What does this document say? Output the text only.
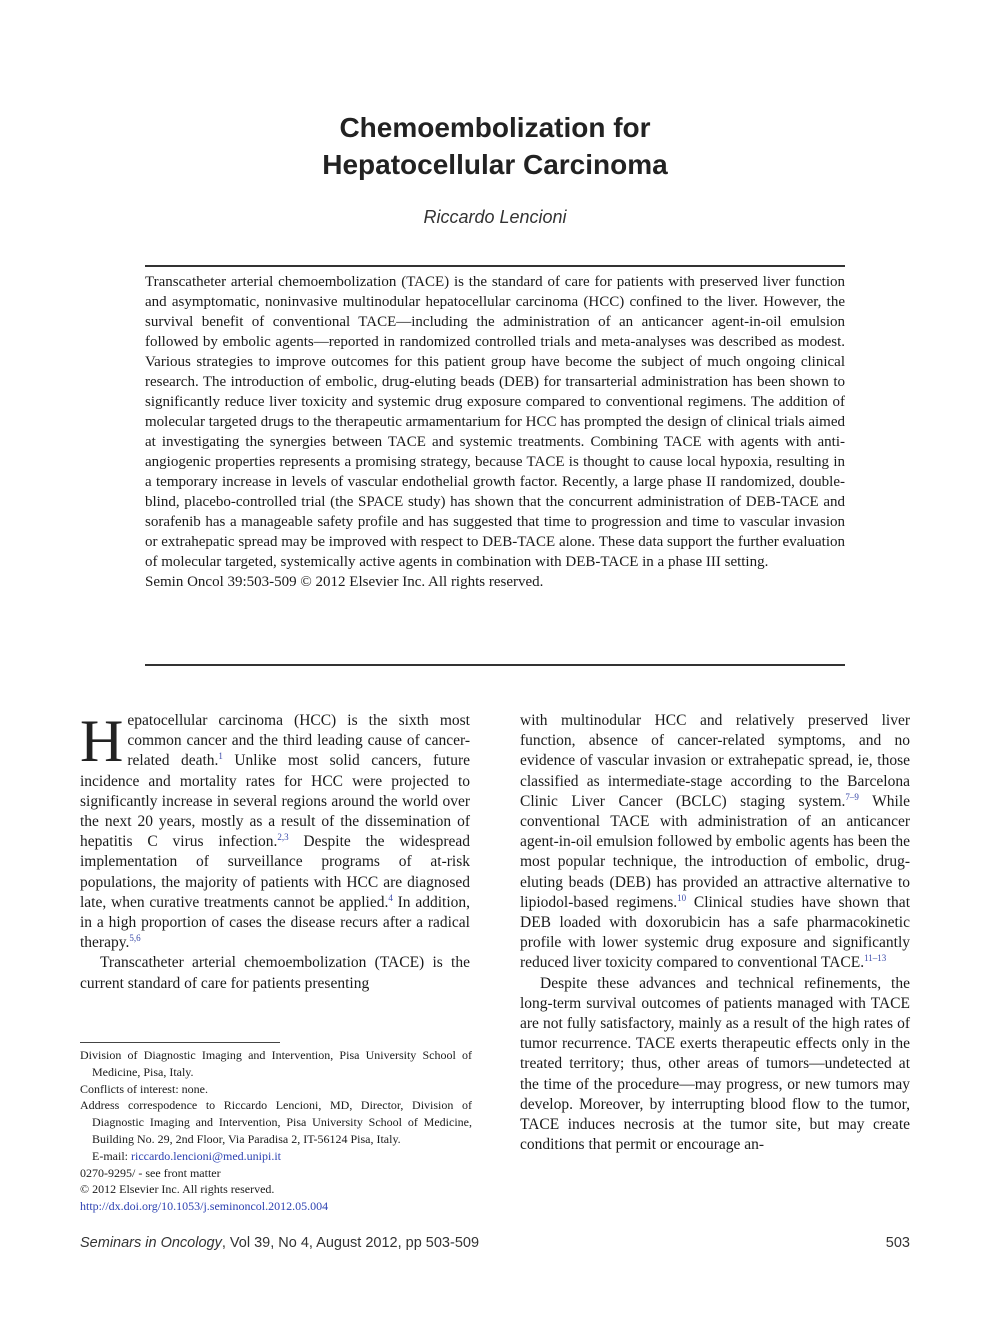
Chemoembolization for
Hepatocellular Carcinoma
Riccardo Lencioni

Transcatheter arterial chemoembolization (TACE) is the standard of care for patients with preserved liver function and asymptomatic, noninvasive multinodular hepatocellular carcinoma (HCC) confined to the liver. However, the survival benefit of conventional TACE—including the administration of an anticancer agent-in-oil emulsion followed by embolic agents—reported in randomized controlled trials and meta-analyses was described as modest. Various strategies to improve outcomes for this patient group have become the subject of much ongoing clinical research. The introduction of embolic, drug-eluting beads (DEB) for transarterial administration has been shown to significantly reduce liver toxicity and systemic drug exposure compared to conventional regimens. The addition of molecular targeted drugs to the therapeutic armamentarium for HCC has prompted the design of clinical trials aimed at investigating the synergies between TACE and systemic treatments. Combining TACE with agents with anti-angiogenic properties represents a promising strategy, because TACE is thought to cause local hypoxia, resulting in a temporary increase in levels of vascular endothelial growth factor. Recently, a large phase II randomized, double-blind, placebo-controlled trial (the SPACE study) has shown that the concurrent administration of DEB-TACE and sorafenib has a manageable safety profile and has suggested that time to progression and time to vascular invasion or extrahepatic spread may be improved with respect to DEB-TACE alone. These data support the further evaluation of molecular targeted, systemically active agents in combination with DEB-TACE in a phase III setting.

Semin Oncol 39:503-509 © 2012 Elsevier Inc. All rights reserved.

Hepatocellular carcinoma (HCC) is the sixth most common cancer and the third leading cause of cancer-related death.$^1$ Unlike most solid cancers, future incidence and mortality rates for HCC were projected to significantly increase in several regions around the world over the next 20 years, mostly as a result of the dissemination of hepatitis C virus infection.$^{2,3}$ Despite the widespread implementation of surveillance programs of at-risk populations, the majority of patients with HCC are diagnosed late, when curative treatments cannot be applied.$^4$ In addition, in a high proportion of cases the disease recurs after a radical therapy.$^{5,6}$

Transcatheter arterial chemoembolization (TACE) is the current standard of care for patients presenting

with multinodular HCC and relatively preserved liver function, absence of cancer-related symptoms, and no evidence of vascular invasion or extrahepatic spread, ie, those classified as intermediate-stage according to the Barcelona Clinic Liver Cancer (BCLC) staging system.$^{7-9}$ While conventional TACE with administration of an anticancer agent-in-oil emulsion followed by embolic agents has been the most popular technique, the introduction of embolic, drug-eluting beads (DEB) has provided an attractive alternative to lipiodol-based regimens.$^{10}$ Clinical studies have shown that DEB loaded with doxorubicin has a safe pharmacokinetic profile with lower systemic drug exposure and significantly reduced liver toxicity compared to conventional TACE.$^{11-13}$

Despite these advances and technical refinements, the long-term survival outcomes of patients managed with TACE are not fully satisfactory, mainly as a result of the high rates of tumor recurrence. TACE exerts therapeutic effects only in the treated territory; thus, other areas of tumors—undetected at the time of the procedure—may progress, or new tumors may develop. Moreover, by interrupting blood flow to the tumor, TACE induces necrosis at the tumor site, but may create conditions that permit or encourage an-

Division of Diagnostic Imaging and Intervention, Pisa University School of Medicine, Pisa, Italy.

Conflicts of interest: none.

Address correspodence to Riccardo Lencioni, MD, Director, Division of Diagnostic Imaging and Intervention, Pisa University School of Medicine, Building No. 29, 2nd Floor, Via Paradisa 2, IT-56124 Pisa, Italy.

E-mail: riccardo.lencioni@med.unipi.it

0270-9295/ - see front matter

© 2012 Elsevier Inc. All rights reserved.

http://dx.doi.org/10.1053/j.seminoncol.2012.05.004

Seminars in Oncology, Vol 39, No 4, August 2012, pp 503-509	503
